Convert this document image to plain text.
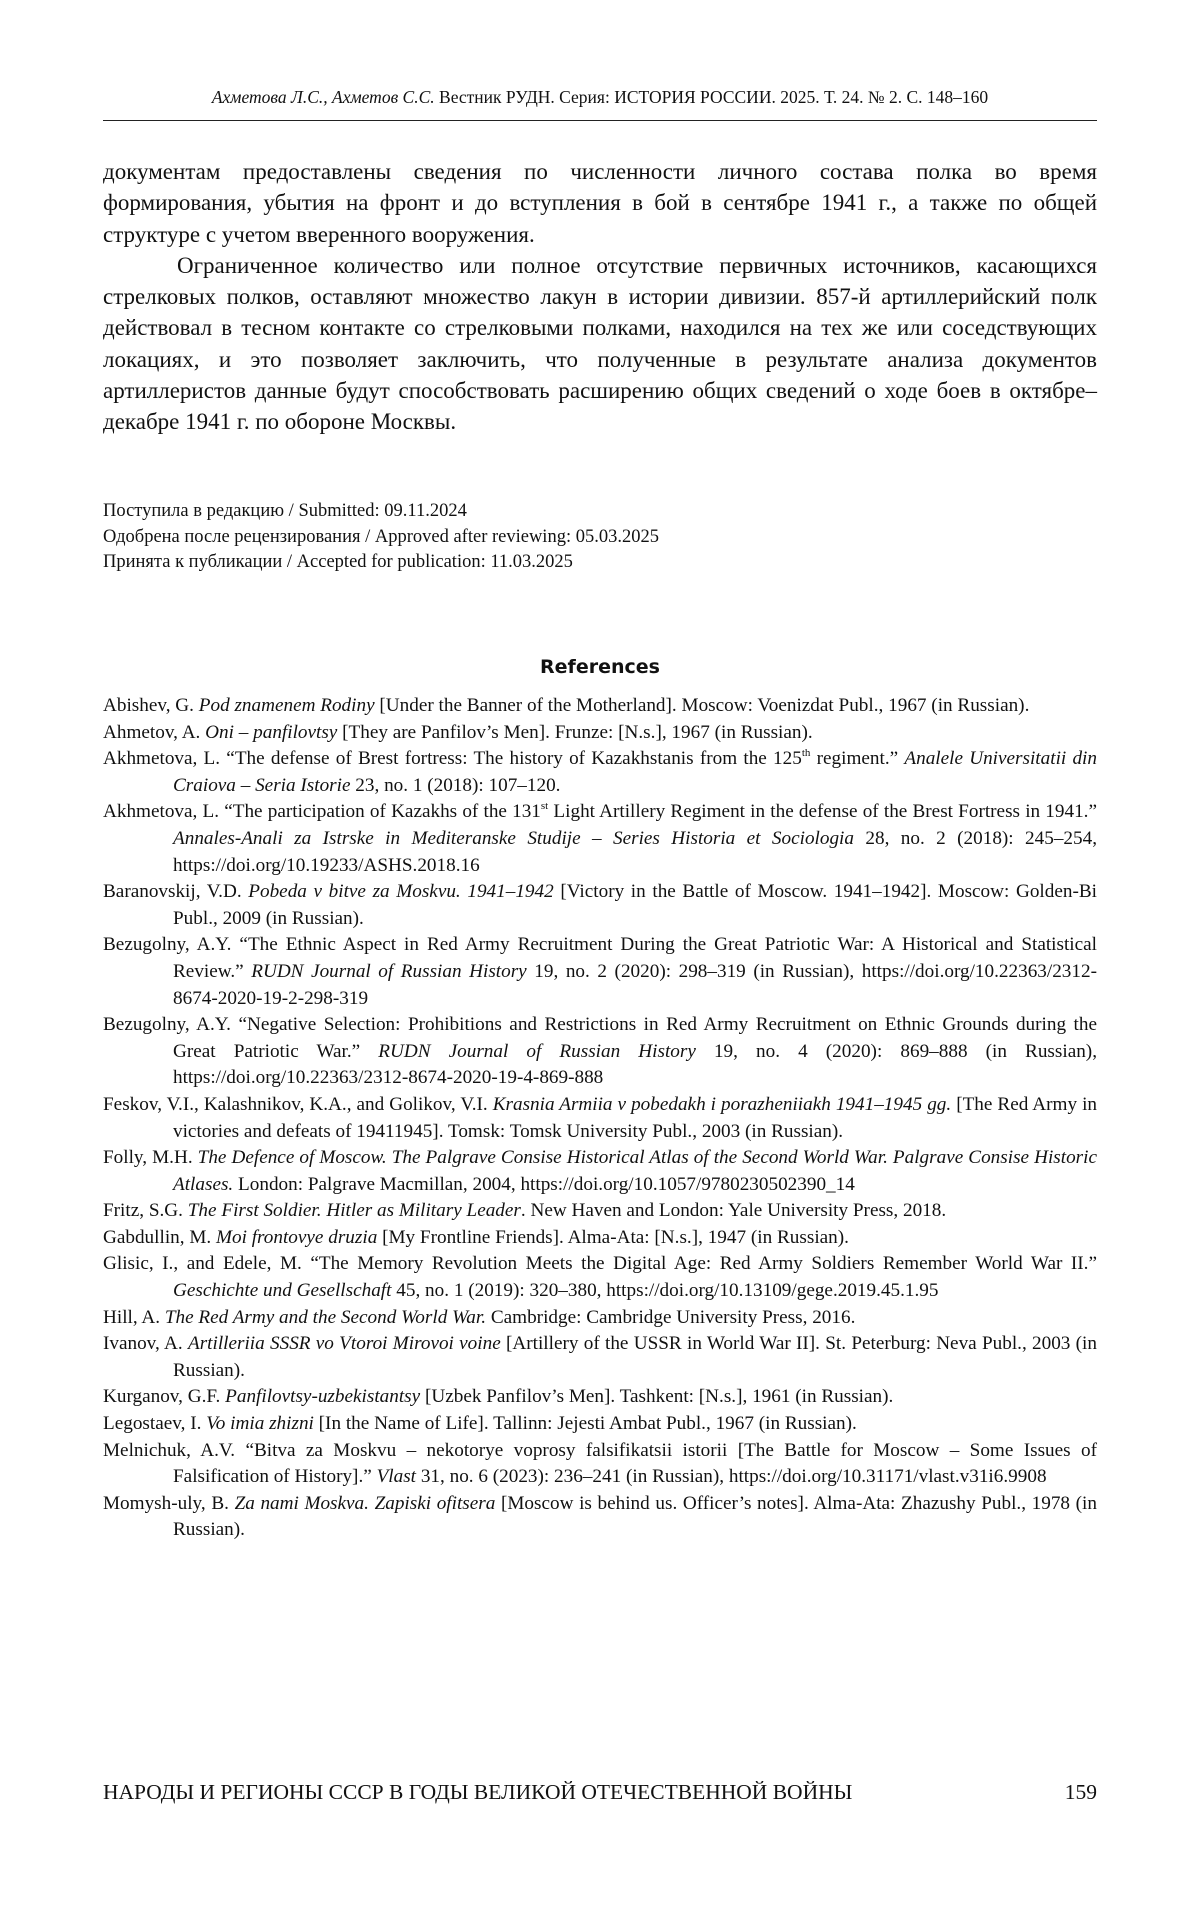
Ахметова Л.С., Ахметов С.С. Вестник РУДН. Серия: ИСТОРИЯ РОССИИ. 2025. Т. 24. № 2. С. 148–160

документам предоставлены сведения по численности личного состава полка во время формирования, убытия на фронт и до вступления в бой в сентябре 1941 г., а также по общей структуре с учетом вверенного вооружения.

Ограниченное количество или полное отсутствие первичных источников, касающихся стрелковых полков, оставляют множество лакун в истории дивизии. 857-й артиллерийский полк действовал в тесном контакте со стрелковыми полками, находился на тех же или соседствующих локациях, и это позволяет заключить, что полученные в результате анализа документов артиллеристов данные будут способствовать расширению общих сведений о ходе боев в октябре–декабре 1941 г. по обороне Москвы.

Поступила в редакцию / Submitted: 09.11.2024
Одобрена после рецензирования / Approved after reviewing: 05.03.2025
Принята к публикации / Accepted for publication: 11.03.2025
References
Abishev, G. Pod znamenem Rodiny [Under the Banner of the Motherland]. Moscow: Voenizdat Publ., 1967 (in Russian).
Ahmetov, A. Oni – panfilovtsy [They are Panfilov’s Men]. Frunze: [N.s.], 1967 (in Russian).
Akhmetova, L. “The defense of Brest fortress: The history of Kazakhstanis from the 125th regiment.” Analele Universitatii din Craiova – Seria Istorie 23, no. 1 (2018): 107–120.
Akhmetova, L. “The participation of Kazakhs of the 131st Light Artillery Regiment in the defense of the Brest Fortress in 1941.” Annales-Anali za Istrske in Mediteranske Studije – Series Historia et Sociologia 28, no. 2 (2018): 245–254, https://doi.org/10.19233/ASHS.2018.16
Baranovskij, V.D. Pobeda v bitve za Moskvu. 1941–1942 [Victory in the Battle of Moscow. 1941–1942]. Moscow: Golden-Bi Publ., 2009 (in Russian).
Bezugolny, A.Y. “The Ethnic Aspect in Red Army Recruitment During the Great Patriotic War: A Historical and Statistical Review.” RUDN Journal of Russian History 19, no. 2 (2020): 298–319 (in Russian), https://doi.org/10.22363/2312-8674-2020-19-2-298-319
Bezugolny, A.Y. “Negative Selection: Prohibitions and Restrictions in Red Army Recruitment on Ethnic Grounds during the Great Patriotic War.” RUDN Journal of Russian History 19, no. 4 (2020): 869–888 (in Russian), https://doi.org/10.22363/2312-8674-2020-19-4-869-888
Feskov, V.I., Kalashnikov, K.A., and Golikov, V.I. Krasnia Armiia v pobedakh i porazheniiakh 1941–1945 gg. [The Red Army in victories and defeats of 19411945]. Tomsk: Tomsk University Publ., 2003 (in Russian).
Folly, M.H. The Defence of Moscow. The Palgrave Consise Historical Atlas of the Second World War. Palgrave Consise Historic Atlases. London: Palgrave Macmillan, 2004, https://doi.org/10.1057/9780230502390_14
Fritz, S.G. The First Soldier. Hitler as Military Leader. New Haven and London: Yale University Press, 2018.
Gabdullin, M. Moi frontovye druzia [My Frontline Friends]. Alma-Ata: [N.s.], 1947 (in Russian).
Glisic, I., and Edele, M. “The Memory Revolution Meets the Digital Age: Red Army Soldiers Remember World War II.” Geschichte und Gesellschaft 45, no. 1 (2019): 320–380, https://doi.org/10.13109/gege.2019.45.1.95
Hill, A. The Red Army and the Second World War. Cambridge: Cambridge University Press, 2016.
Ivanov, A. Artilleriia SSSR vo Vtoroi Mirovoi voine [Artillery of the USSR in World War II]. St. Peterburg: Neva Publ., 2003 (in Russian).
Kurganov, G.F. Panfilovtsy-uzbekistantsy [Uzbek Panfilov’s Men]. Tashkent: [N.s.], 1961 (in Russian).
Legostaev, I. Vo imia zhizni [In the Name of Life]. Tallinn: Jejesti Ambat Publ., 1967 (in Russian).
Melnichuk, A.V. “Bitva za Moskvu – nekotorye voprosy falsifikatsii istorii [The Battle for Moscow – Some Issues of Falsification of History].” Vlast 31, no. 6 (2023): 236–241 (in Russian), https://doi.org/10.31171/vlast.v31i6.9908
Momysh-uly, B. Za nami Moskva. Zapiski ofitsera [Moscow is behind us. Officer’s notes]. Alma-Ata: Zhazushy Publ., 1978 (in Russian).
НАРОДЫ И РЕГИОНЫ СССР В ГОДЫ ВЕЛИКОЙ ОТЕЧЕСТВЕННОЙ ВОЙНЫ	159
